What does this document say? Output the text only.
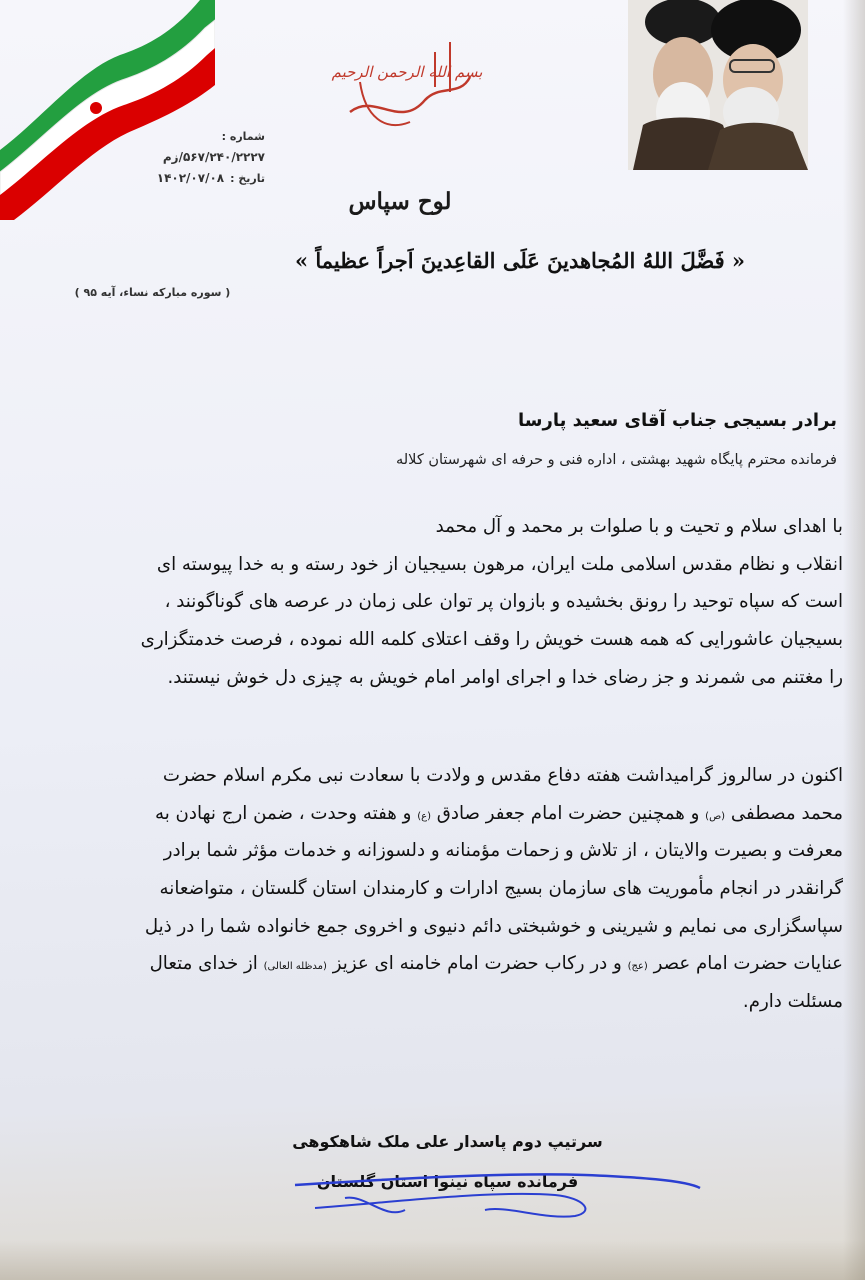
شماره :
۵۶۷/۲۴۰/۲۲۲۷/زم
تاریخ :۱۴۰۲/۰۷/۰۸
بسم الله الرحمن الرحیم
لوح سپاس
« فَضَّلَ اللهُ المُجاهدینَ عَلَی القاعِدینَ اَجراً عظیماً »
( سوره مبارکه نساء، آیه ۹۵ )
برادر بسیجی جناب آقای سعید پارسا
فرمانده محترم پایگاه شهید بهشتی ، اداره فنی و حرفه ای شهرستان کلاله
با اهدای سلام و تحیت و با صلوات بر محمد و آل محمد
انقلاب و نظام مقدس اسلامی ملت ایران، مرهون بسیجیان از خود رسته و به خدا پیوسته ای
است که سپاه توحید را رونق بخشیده و بازوان پر توان علی زمان در عرصه های گوناگونند ،
بسیجیان عاشورایی که همه هست خویش را وقف اعتلای کلمه الله نموده ، فرصت خدمتگزاری
را مغتنم می شمرند و جز رضای خدا و اجرای اوامر امام خویش به چیزی دل خوش نیستند.
اکنون در سالروز گرامیداشت هفته دفاع مقدس و ولادت با سعادت نبی مکرم اسلام حضرت
محمد مصطفی (ص) و همچنین حضرت امام جعفر صادق (ع) و هفته وحدت ، ضمن ارج نهادن به
معرفت و بصیرت والایتان ، از تلاش و زحمات مؤمنانه و دلسوزانه و خدمات مؤثر شما برادر
گرانقدر در انجام مأموریت های سازمان بسیج ادارات و کارمندان استان گلستان ، متواضعانه
سپاسگزاری می نمایم و شیرینی و خوشبختی دائم دنیوی و اخروی جمع خانواده شما را در ذیل
عنایات حضرت امام عصر (عج) و در رکاب حضرت امام خامنه ای عزیز (مدظله العالی) از خدای متعال
مسئلت دارم.
سرتیپ دوم پاسدار علی ملک شاهکوهی
فرمانده سپاه نینوا استان گلستان
